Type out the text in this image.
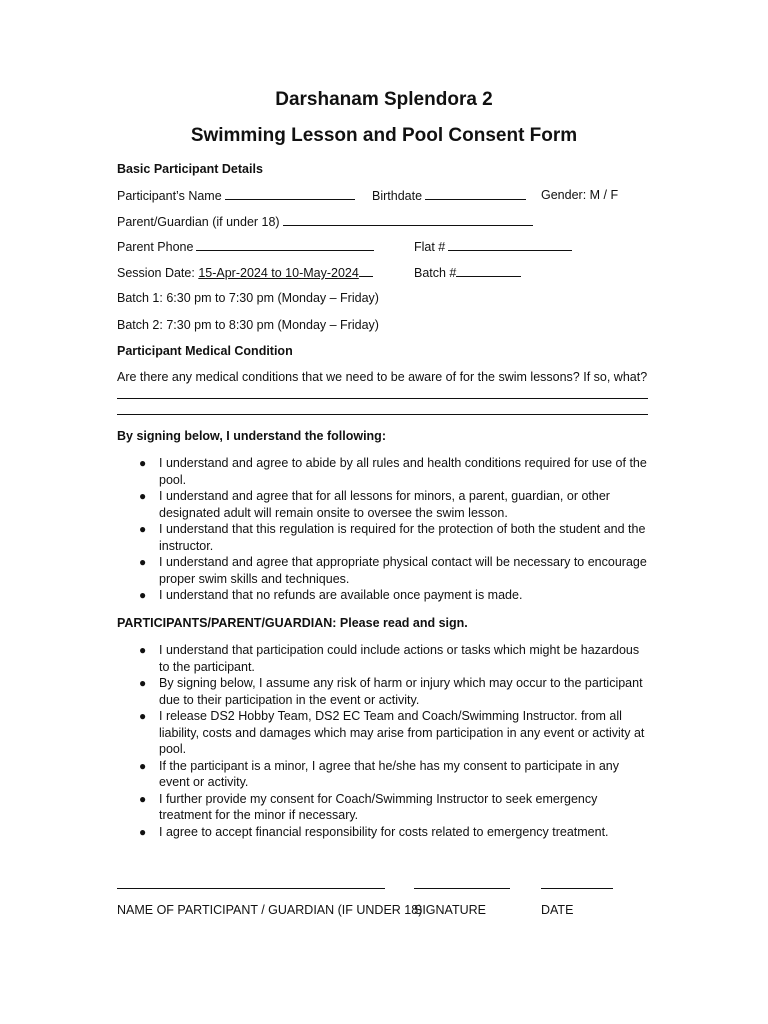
Darshanam Splendora 2
Swimming Lesson and Pool Consent Form
Basic Participant Details
Participant’s Name	Birthdate	Gender: M / F
Parent/Guardian (if under 18)
Parent Phone	Flat #
Session Date: 15-Apr-2024 to 10-May-2024	Batch #
Batch 1: 6:30 pm to 7:30 pm (Monday – Friday)
Batch 2: 7:30 pm to 8:30 pm (Monday – Friday)
Participant Medical Condition
Are there any medical conditions that we need to be aware of for the swim lessons? If so, what?
By signing below, I understand the following:
● I understand and agree to abide by all rules and health conditions required for use of the pool.
● I understand and agree that for all lessons for minors, a parent, guardian, or other designated adult will remain onsite to oversee the swim lesson.
● I understand that this regulation is required for the protection of both the student and the instructor.
● I understand and agree that appropriate physical contact will be necessary to encourage proper swim skills and techniques.
● I understand that no refunds are available once payment is made.
PARTICIPANTS/PARENT/GUARDIAN: Please read and sign.
● I understand that participation could include actions or tasks which might be hazardous to the participant.
● By signing below, I assume any risk of harm or injury which may occur to the participant due to their participation in the event or activity.
● I release DS2 Hobby Team, DS2 EC Team and Coach/Swimming Instructor. from all liability, costs and damages which may arise from participation in any event or activity at pool.
● If the participant is a minor, I agree that he/she has my consent to participate in any event or activity.
● I further provide my consent for Coach/Swimming Instructor to seek emergency treatment for the minor if necessary.
● I agree to accept financial responsibility for costs related to emergency treatment.
NAME OF PARTICIPANT / GUARDIAN (IF UNDER 18)
SIGNATURE	DATE
